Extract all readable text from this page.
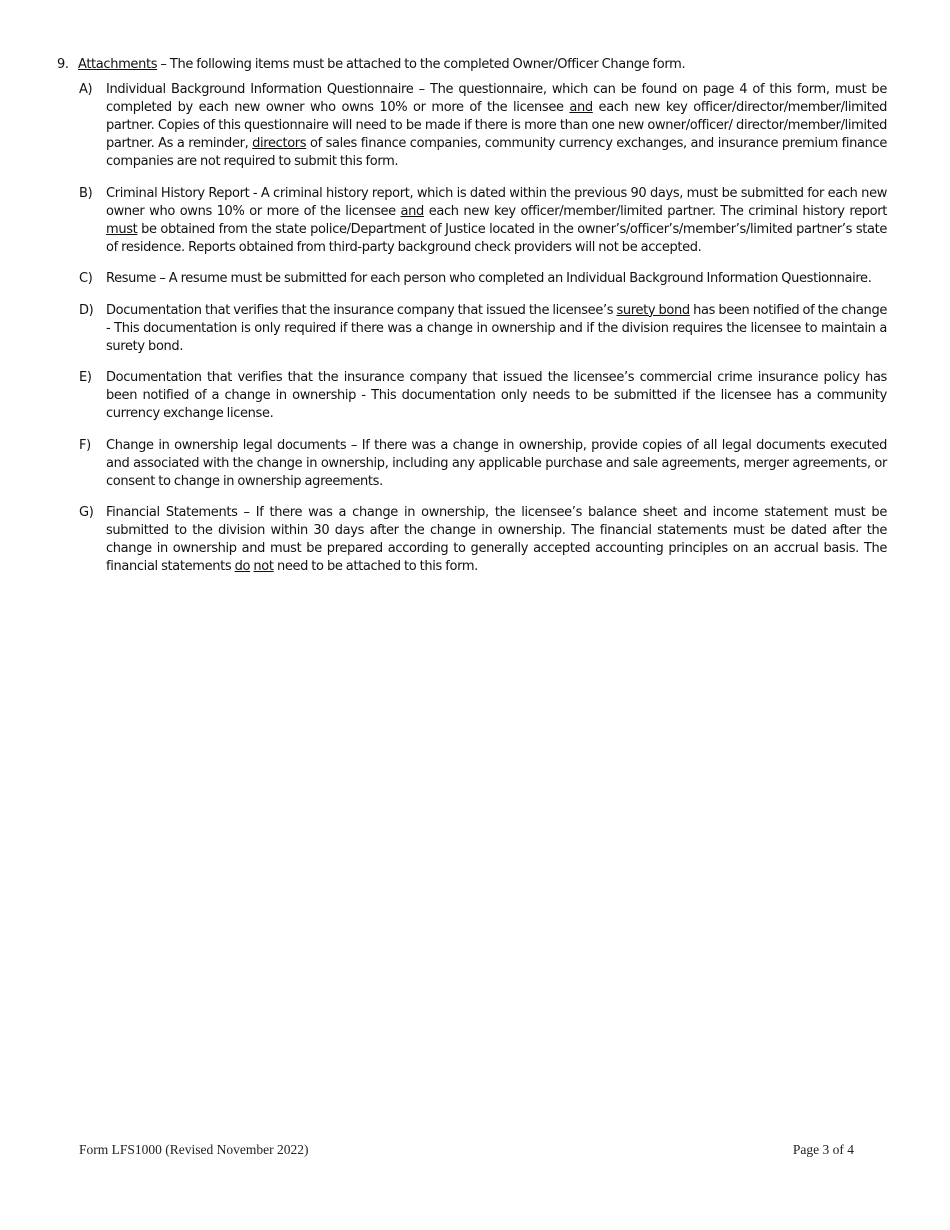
9. Attachments – The following items must be attached to the completed Owner/Officer Change form.
A)	Individual Background Information Questionnaire – The questionnaire, which can be found on page 4 of this form, must be completed by each new owner who owns 10% or more of the licensee and each new key officer/director/member/limited partner. Copies of this questionnaire will need to be made if there is more than one new owner/officer/ director/member/limited partner. As a reminder, directors of sales finance companies, community currency exchanges, and insurance premium finance companies are not required to submit this form.
B)	Criminal History Report - A criminal history report, which is dated within the previous 90 days, must be submitted for each new owner who owns 10% or more of the licensee and each new key officer/member/limited partner. The criminal history report must be obtained from the state police/Department of Justice located in the owner’s/officer’s/member’s/limited partner’s state of residence. Reports obtained from third-party background check providers will not be accepted.
C)	Resume – A resume must be submitted for each person who completed an Individual Background Information Questionnaire.
D) Documentation that verifies that the insurance company that issued the licensee’s surety bond has been notified of the change - This documentation is only required if there was a change in ownership and if the division requires the licensee to maintain a surety bond.
E)	Documentation that verifies that the insurance company that issued the licensee’s commercial crime insurance policy has been notified of a change in ownership - This documentation only needs to be submitted if the licensee has a community currency exchange license.
F)	Change in ownership legal documents – If there was a change in ownership, provide copies of all legal documents executed and associated with the change in ownership, including any applicable purchase and sale agreements, merger agreements, or consent to change in ownership agreements.
G) Financial Statements – If there was a change in ownership, the licensee’s balance sheet and income statement must be submitted to the division within 30 days after the change in ownership. The financial statements must be dated after the change in ownership and must be prepared according to generally accepted accounting principles on an accrual basis. The financial statements do not need to be attached to this form.
Form LFS1000 (Revised November 2022)	Page 3 of 4
